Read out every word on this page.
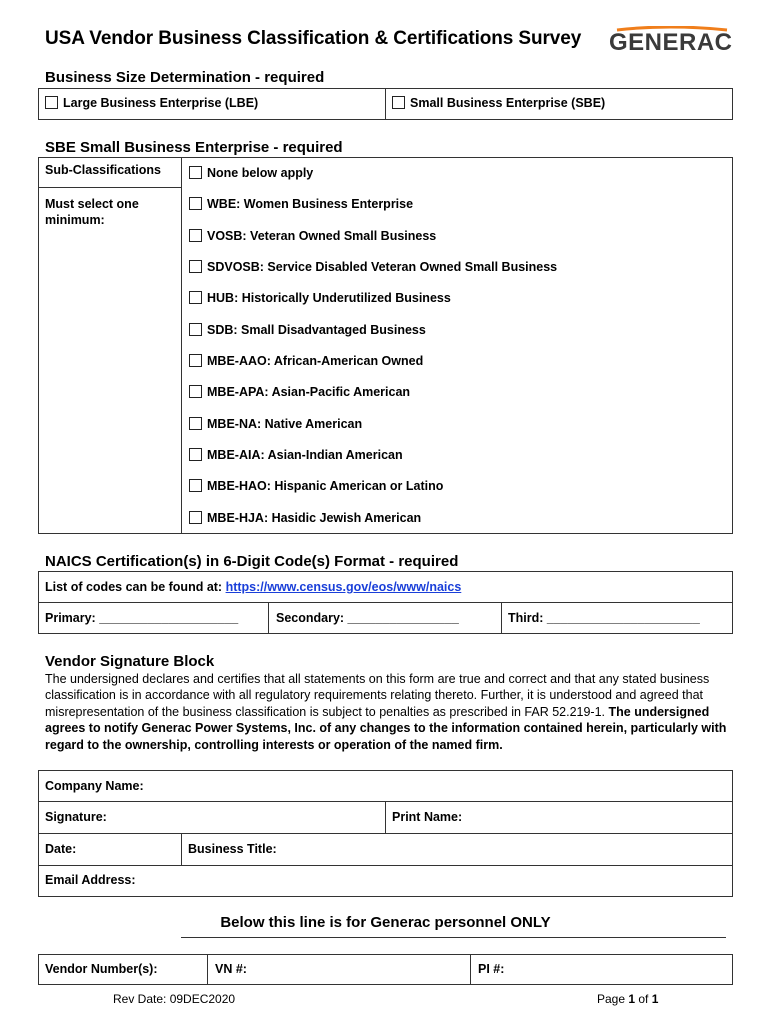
USA Vendor Business Classification & Certifications Survey GENERAC
Business Size Determination - required
Large Business Enterprise (LBE)	Small Business Enterprise (SBE)
SBE Small Business Enterprise - required
Sub-Classifications
Must select one minimum:
None below apply
WBE: Women Business Enterprise
VOSB: Veteran Owned Small Business
SDVOSB: Service Disabled Veteran Owned Small Business
HUB: Historically Underutilized Business
SDB: Small Disadvantaged Business
MBE-AAO: African-American Owned
MBE-APA: Asian-Pacific American
MBE-NA: Native American
MBE-AIA: Asian-Indian American
MBE-HAO: Hispanic American or Latino
MBE-HJA: Hasidic Jewish American
NAICS Certification(s) in 6-Digit Code(s) Format - required
List of codes can be found at: https://www.census.gov/eos/www/naics
Primary: ____________________	Secondary: ________________	Third: ______________________
Vendor Signature Block
The undersigned declares and certifies that all statements on this form are true and correct and that any stated business classification is in accordance with all regulatory requirements relating thereto. Further, it is understood and agreed that misrepresentation of the business classification is subject to penalties as prescribed in FAR 52.219-1. The undersigned agrees to notify Generac Power Systems, Inc. of any changes to the information contained herein, particularly with regard to the ownership, controlling interests or operation of the named firm.
Company Name:
Signature:	Print Name:
Date:	Business Title:
Email Address:
Below this line is for Generac personnel ONLY
Vendor Number(s):	VN #:	PI #:
Rev Date: 09DEC2020	Page 1 of 1
